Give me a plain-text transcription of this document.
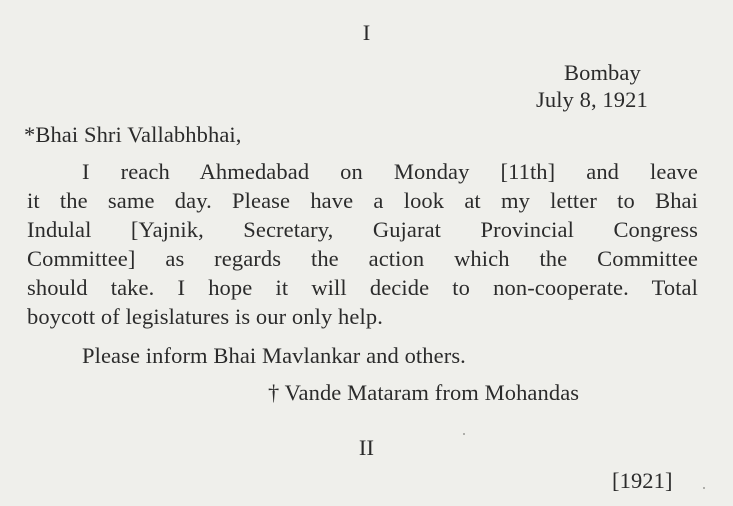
I
Bombay
July 8, 1921
*Bhai Shri Vallabhbhai,
I reach Ahmedabad on Monday [11th] and leave
it the same day. Please have a look at my letter to Bhai
Indulal [Yajnik, Secretary, Gujarat Provincial Congress
Committee] as regards the action which the Committee
should take. I hope it will decide to non-cooperate. Total
boycott of legislatures is our only help.
Please inform Bhai Mavlankar and others.
† Vande Mataram from Mohandas
II
[1921]
